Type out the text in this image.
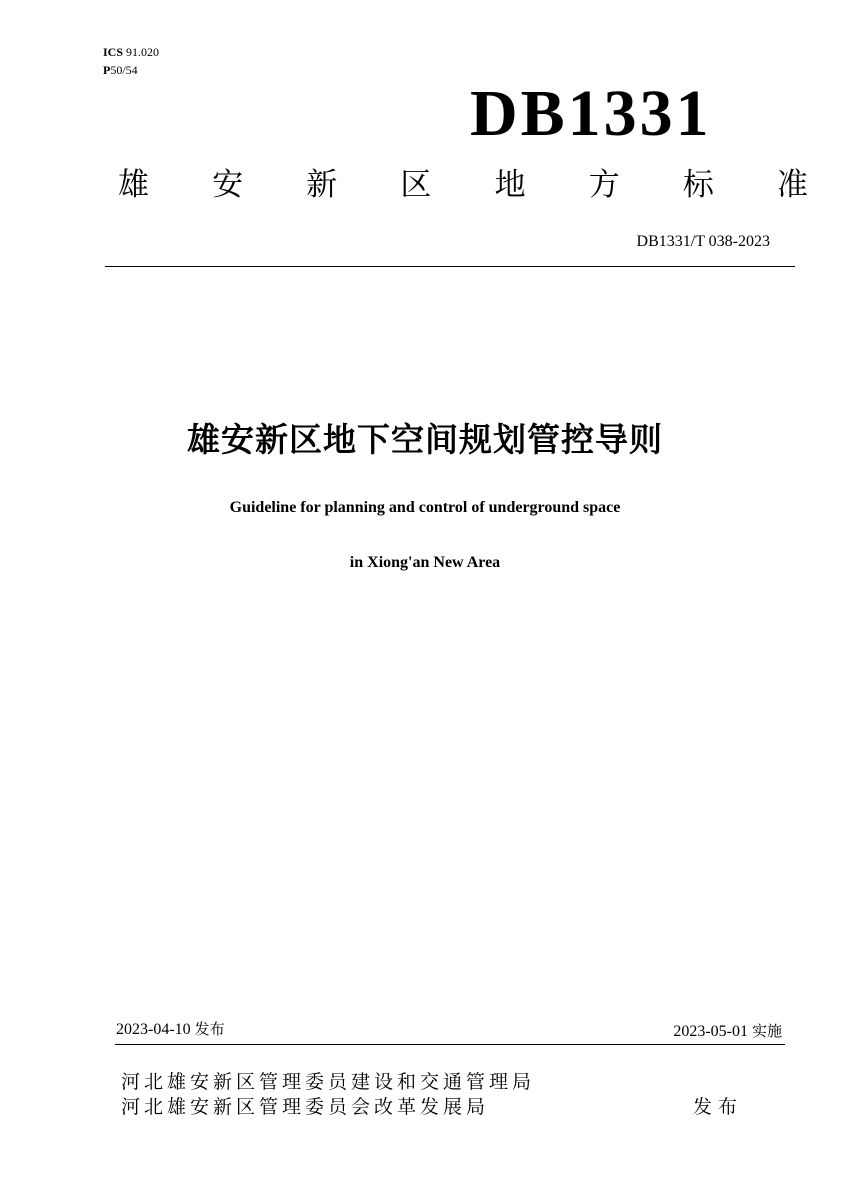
ICS 91.020
P50/54
DB1331
雄 安 新 区 地 方 标 准
DB1331/T 038-2023
雄安新区地下空间规划管控导则
Guideline for planning and control of underground space
in Xiong'an New Area
2023-04-10 发布	2023-05-01 实施
河北雄安新区管理委员建设和交通管理局
河北雄安新区管理委员会改革发展局	发布
